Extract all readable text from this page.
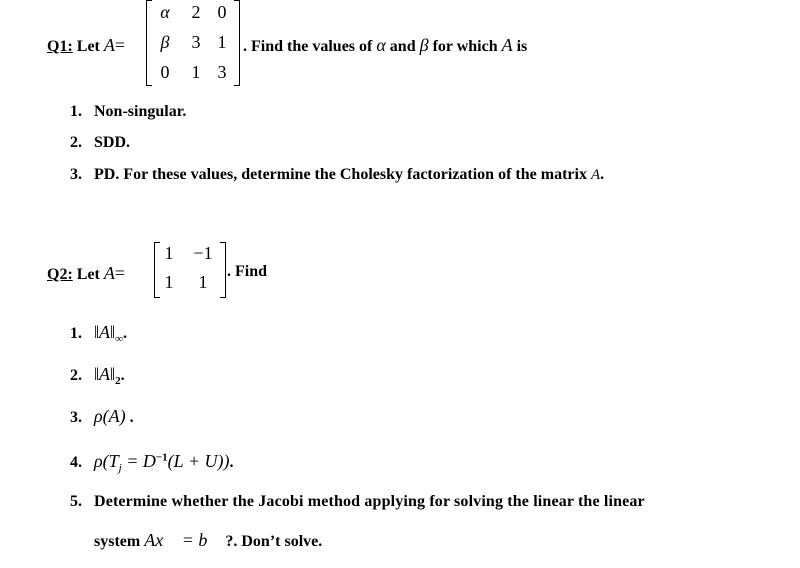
Q1: Let A=
α 2 0
β 3 1
0 1 3
. Find the values of α and β for which A is
1. Non-singular.
2. SDD.
3. PD. For these values, determine the Cholesky factorization of the matrix A.
Q2: Let A=
1 −1
1 1
. Find
1. $‖A‖_\infty$.
2. $‖A‖_2$.
3. ρ(A) .
4. $\rho(T_j = D^{-1}(L + U))$.
5. Determine whether the Jacobi method applying for solving the linear the linear
system Ax⃗ = b⃗ ?. Don’t solve.
